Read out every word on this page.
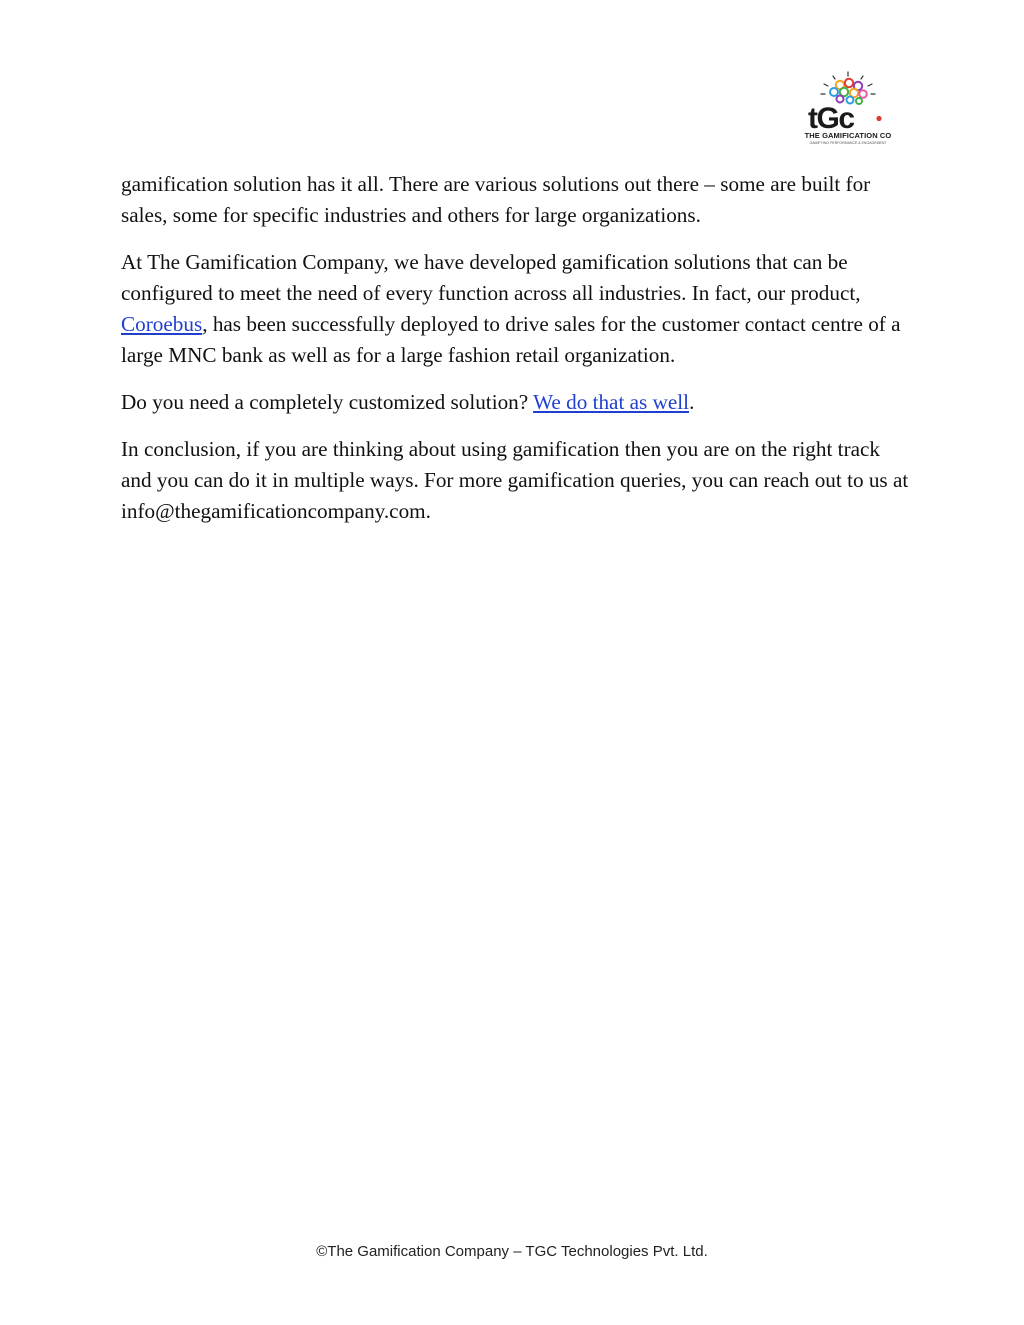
tGc
THE GAMIFICATION CO
GAMIFYING PERFORMANCE & ENGAGEMENT

gamification solution has it all. There are various solutions out there – some are built for sales, some for specific industries and others for large organizations.

At The Gamification Company, we have developed gamification solutions that can be configured to meet the need of every function across all industries. In fact, our product, Coroebus, has been successfully deployed to drive sales for the customer contact centre of a large MNC bank as well as for a large fashion retail organization.

Do you need a completely customized solution? We do that as well.

In conclusion, if you are thinking about using gamification then you are on the right track and you can do it in multiple ways. For more gamification queries, you can reach out to us at info@thegamificationcompany.com.

©The Gamification Company – TGC Technologies Pvt. Ltd.
